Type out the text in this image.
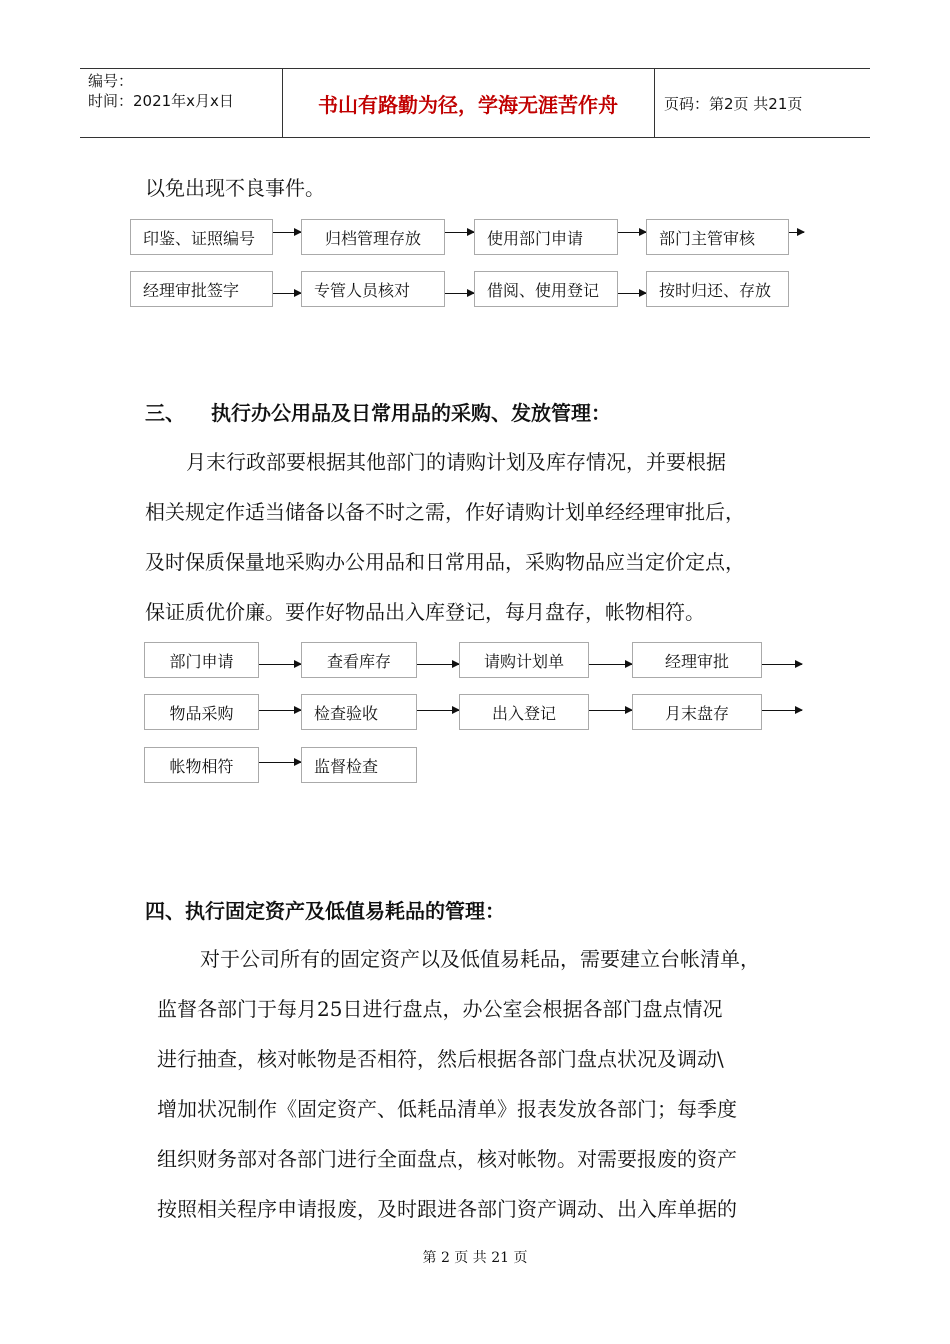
编号：
时间：2021年x月x日	书山有路勤为径，学海无涯苦作舟	页码：第2页 共21页
以免出现不良事件。
印鉴、证照编号	归档管理存放	使用部门申请	部门主管审核
经理审批签字	专管人员核对	借阅、使用登记	按时归还、存放
三、 执行办公用品及日常用品的采购、发放管理：
月末行政部要根据其他部门的请购计划及库存情况，并要根据
相关规定作适当储备以备不时之需，作好请购计划单经经理审批后，
及时保质保量地采购办公用品和日常用品，采购物品应当定价定点，
保证质优价廉。要作好物品出入库登记，每月盘存，帐物相符。
部门申请	查看库存	请购计划单	经理审批
物品采购	检查验收	出入登记	月末盘存
帐物相符	监督检查
四、执行固定资产及低值易耗品的管理：
对于公司所有的固定资产以及低值易耗品，需要建立台帐清单，
监督各部门于每月25日进行盘点，办公室会根据各部门盘点情况
进行抽查，核对帐物是否相符，然后根据各部门盘点状况及调动\
增加状况制作《固定资产、低耗品清单》报表发放各部门；每季度
组织财务部对各部门进行全面盘点，核对帐物。对需要报废的资产
按照相关程序申请报废，及时跟进各部门资产调动、出入库单据的
第 2 页 共 21 页
